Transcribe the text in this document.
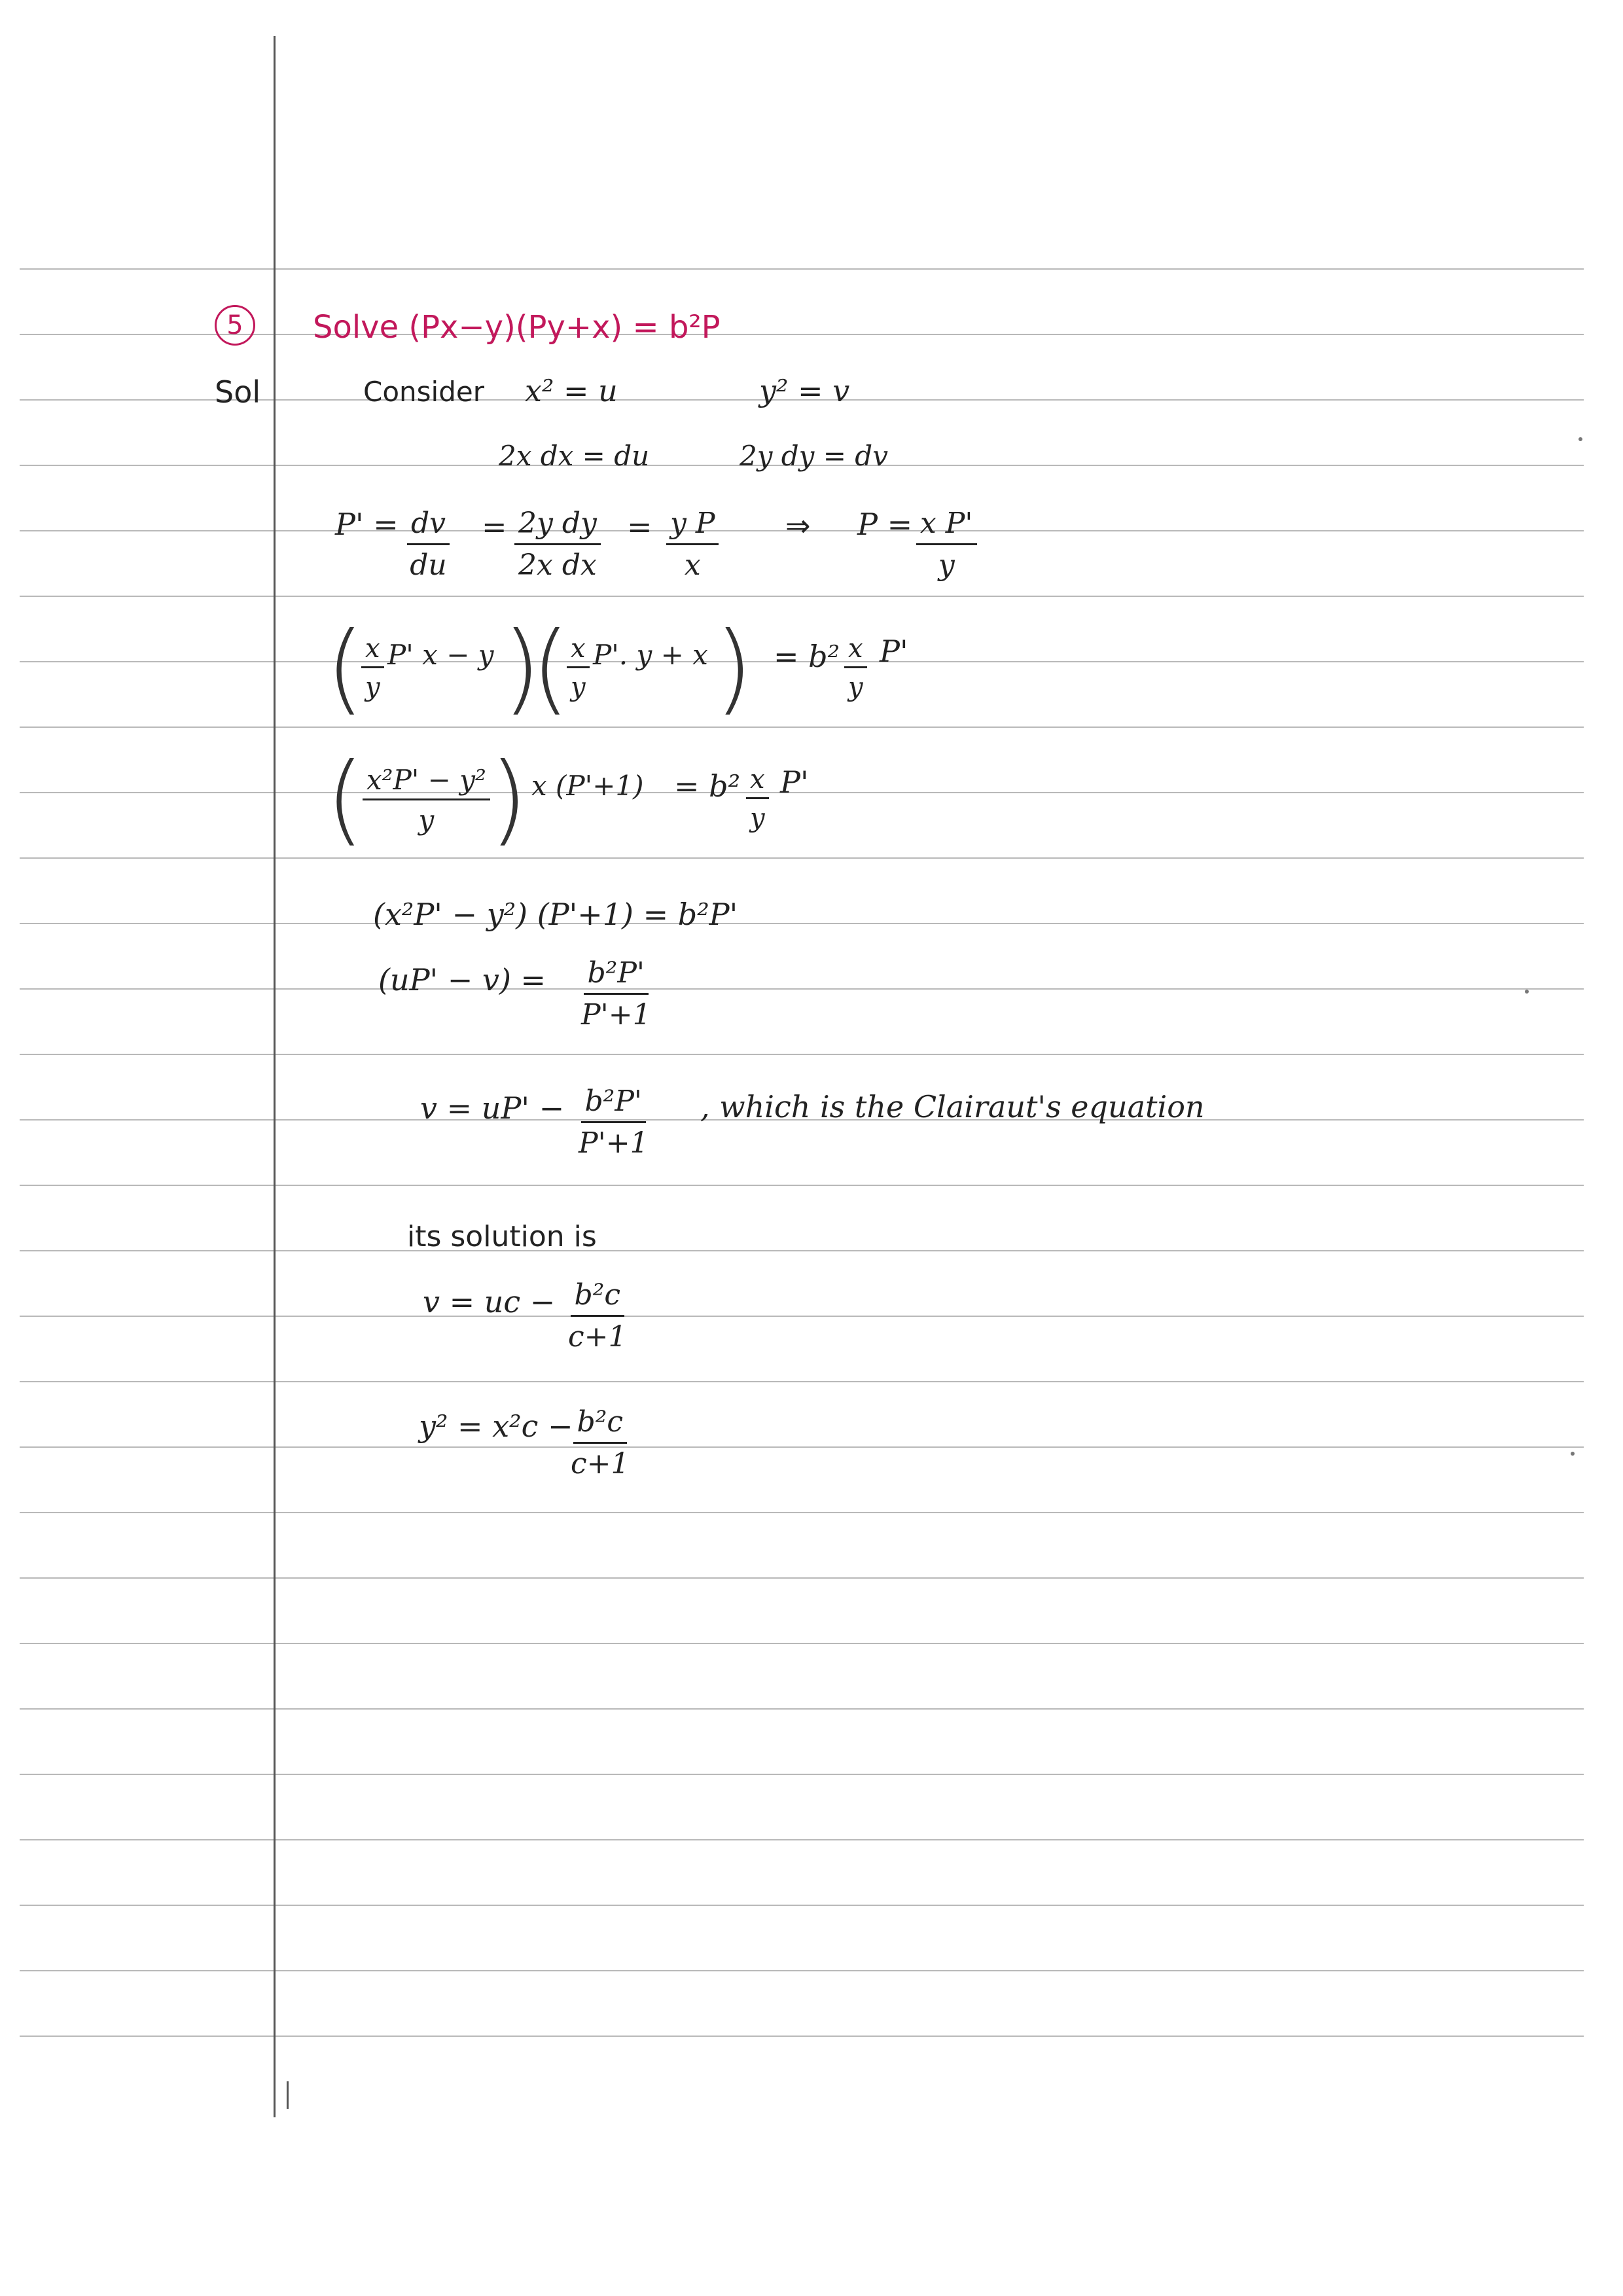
5 Solve (Px−y)(Py+x) = b²P
Sol	Consider x² = u	y² = v
2x dx = du	2y dy = dv
$P' = \frac{dv}{du} = \frac{\text{2y dy}}{\text{2x dx}} = \frac{\text{y P}}{x}$ ⇒ $P = \frac{\text{x P'}}{y}$
(
$\frac{x}{y} P'$ x − y )
(
$\frac{x}{y} P'$. y + x ) = $b^2 \frac{x}{y} P'$
(
$\frac{\text{x²P' − y²}}{y}$ ) x $(P'+1) = b^2 \frac{x}{y} P'$
(x²P' − y²) (P'+1) = b²P'
$(uP' - v) = \frac{\text{b²P'}}{P'+1}$
$v = uP' - \frac{\text{b²P'}}{P'+1}$ , which is the Clairaut's equation
its solution is
v = uc − $\frac{\text{b²c}}{c+1}$
y² = x²c −
$\frac{\text{b²c}}{c+1}$
